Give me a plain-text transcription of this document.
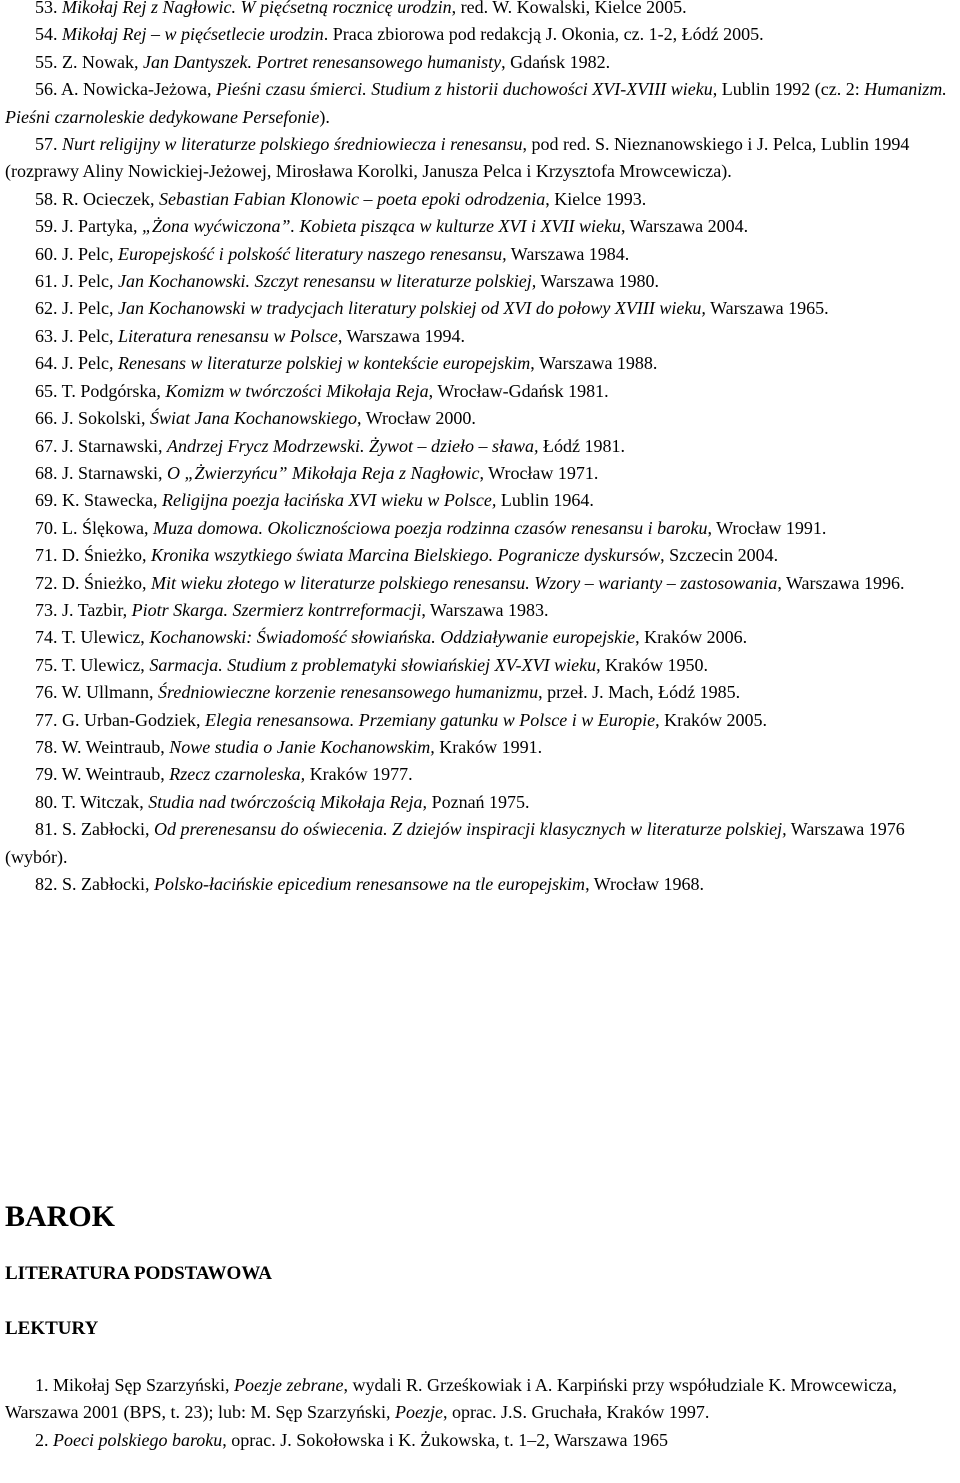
53. Mikołaj Rej z Nagłowic. W pięćsetną rocznicę urodzin, red. W. Kowalski, Kielce 2005.

54. Mikołaj Rej – w pięćsetlecie urodzin. Praca zbiorowa pod redakcją J. Okonia, cz. 1-2, Łódź 2005.

55. Z. Nowak, Jan Dantyszek. Portret renesansowego humanisty, Gdańsk 1982.

56. A. Nowicka-Jeżowa, Pieśni czasu śmierci. Studium z historii duchowości XVI-XVIII wieku, Lublin 1992 (cz. 2: Humanizm. Pieśni czarnoleskie dedykowane Persefonie).

57. Nurt religijny w literaturze polskiego średniowiecza i renesansu, pod red. S. Nieznanowskiego i J. Pelca, Lublin 1994 (rozprawy Aliny Nowickiej-Jeżowej, Mirosława Korolki, Janusza Pelca i Krzysztofa Mrowcewicza).

58. R. Ocieczek, Sebastian Fabian Klonowic – poeta epoki odrodzenia, Kielce 1993.

59. J. Partyka, „Żona wyćwiczona”. Kobieta pisząca w kulturze XVI i XVII wieku, Warszawa 2004.

60. J. Pelc, Europejskość i polskość literatury naszego renesansu, Warszawa 1984.

61. J. Pelc, Jan Kochanowski. Szczyt renesansu w literaturze polskiej, Warszawa 1980.

62. J. Pelc, Jan Kochanowski w tradycjach literatury polskiej od XVI do połowy XVIII wieku, Warszawa 1965.

63. J. Pelc, Literatura renesansu w Polsce, Warszawa 1994.

64. J. Pelc, Renesans w literaturze polskiej w kontekście europejskim, Warszawa 1988.

65. T. Podgórska, Komizm w twórczości Mikołaja Reja, Wrocław-Gdańsk 1981.

66. J. Sokolski, Świat Jana Kochanowskiego, Wrocław 2000.

67. J. Starnawski, Andrzej Frycz Modrzewski. Żywot – dzieło – sława, Łódź 1981.

68. J. Starnawski, O „Żwierzyńcu” Mikołaja Reja z Nagłowic, Wrocław 1971.

69. K. Stawecka, Religijna poezja łacińska XVI wieku w Polsce, Lublin 1964.

70. L. Ślękowa, Muza domowa. Okolicznościowa poezja rodzinna czasów renesansu i baroku, Wrocław 1991.

71. D. Śnieżko, Kronika wszytkiego świata Marcina Bielskiego. Pogranicze dyskursów, Szczecin 2004.

72. D. Śnieżko, Mit wieku złotego w literaturze polskiego renesansu. Wzory – warianty – zastosowania, Warszawa 1996.

73. J. Tazbir, Piotr Skarga. Szermierz kontrreformacji, Warszawa 1983.

74. T. Ulewicz, Kochanowski: Świadomość słowiańska. Oddziaływanie europejskie, Kraków 2006.

75. T. Ulewicz, Sarmacja. Studium z problematyki słowiańskiej XV-XVI wieku, Kraków 1950.

76. W. Ullmann, Średniowieczne korzenie renesansowego humanizmu, przeł. J. Mach, Łódź 1985.

77. G. Urban-Godziek, Elegia renesansowa. Przemiany gatunku w Polsce i w Europie, Kraków 2005.

78. W. Weintraub, Nowe studia o Janie Kochanowskim, Kraków 1991.

79. W. Weintraub, Rzecz czarnoleska, Kraków 1977.

80. T. Witczak, Studia nad twórczością Mikołaja Reja, Poznań 1975.

81. S. Zabłocki, Od prerenesansu do oświecenia. Z dziejów inspiracji klasycznych w literaturze polskiej, Warszawa 1976 (wybór).

82. S. Zabłocki, Polsko-łacińskie epicedium renesansowe na tle europejskim, Wrocław 1968.

BAROK
LITERATURA PODSTAWOWA
LEKTURY

1. Mikołaj Sęp Szarzyński, Poezje zebrane, wydali R. Grześkowiak i A. Karpiński przy współudziale K. Mrowcewicza, Warszawa 2001 (BPS, t. 23); lub: M. Sęp Szarzyński, Poezje, oprac. J.S. Gruchała, Kraków 1997.

2. Poeci polskiego baroku, oprac. J. Sokołowska i K. Żukowska, t. 1–2, Warszawa 1965
